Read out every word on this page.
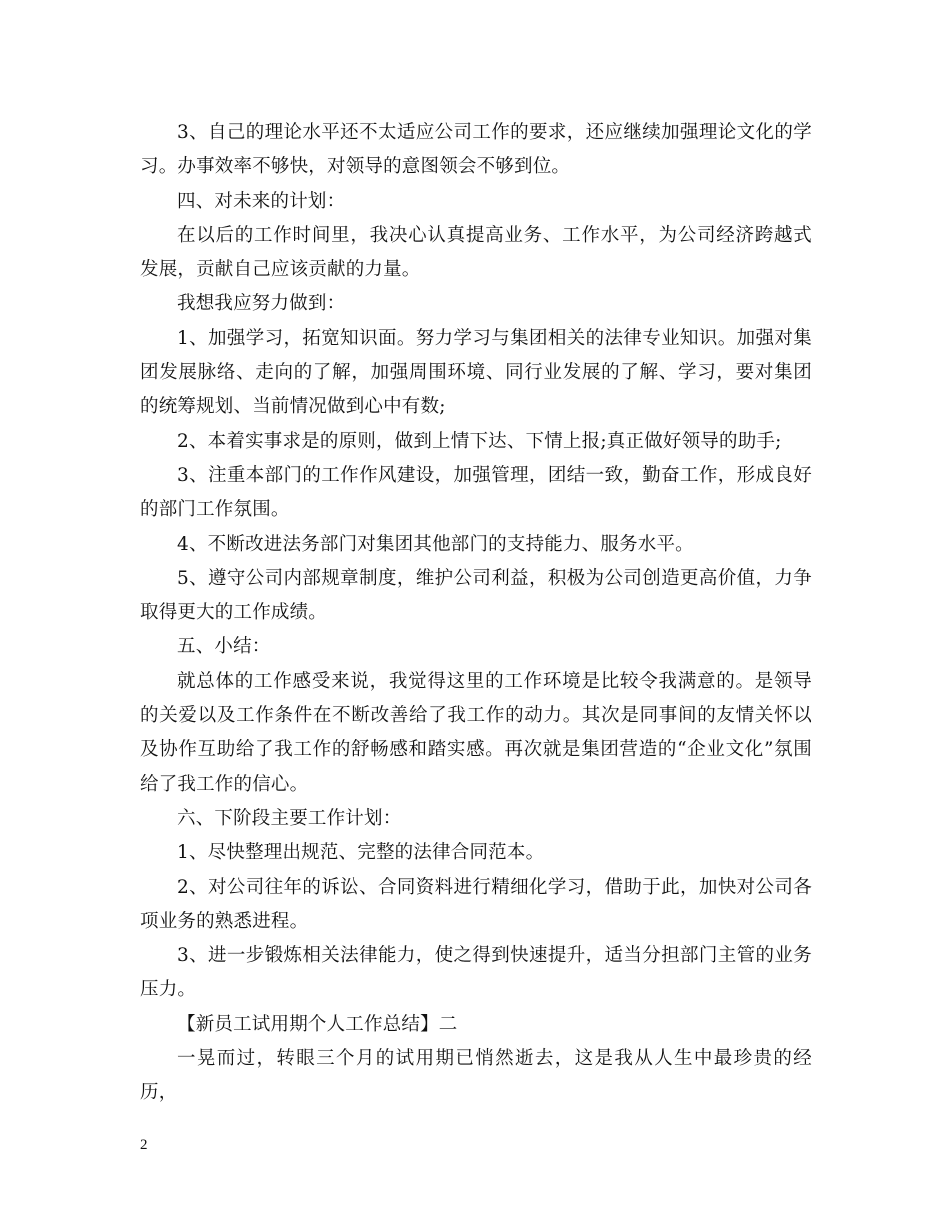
3、自己的理论水平还不太适应公司工作的要求，还应继续加强理论文化的学习。办事效率不够快，对领导的意图领会不够到位。

四、对未来的计划：

在以后的工作时间里，我决心认真提高业务、工作水平，为公司经济跨越式发展，贡献自己应该贡献的力量。

我想我应努力做到：

1、加强学习，拓宽知识面。努力学习与集团相关的法律专业知识。加强对集团发展脉络、走向的了解，加强周围环境、同行业发展的了解、学习，要对集团的统筹规划、当前情况做到心中有数;

2、本着实事求是的原则，做到上情下达、下情上报;真正做好领导的助手;

3、注重本部门的工作作风建设，加强管理，团结一致，勤奋工作，形成良好的部门工作氛围。

4、不断改进法务部门对集团其他部门的支持能力、服务水平。

5、遵守公司内部规章制度，维护公司利益，积极为公司创造更高价值，力争取得更大的工作成绩。

五、小结：

就总体的工作感受来说，我觉得这里的工作环境是比较令我满意的。是领导的关爱以及工作条件在不断改善给了我工作的动力。其次是同事间的友情关怀以及协作互助给了我工作的舒畅感和踏实感。再次就是集团营造的“企业文化”氛围给了我工作的信心。

六、下阶段主要工作计划：

1、尽快整理出规范、完整的法律合同范本。

2、对公司往年的诉讼、合同资料进行精细化学习，借助于此，加快对公司各项业务的熟悉进程。

3、进一步锻炼相关法律能力，使之得到快速提升，适当分担部门主管的业务压力。

【新员工试用期个人工作总结】二

一晃而过，转眼三个月的试用期已悄然逝去，这是我从人生中最珍贵的经历，

2
